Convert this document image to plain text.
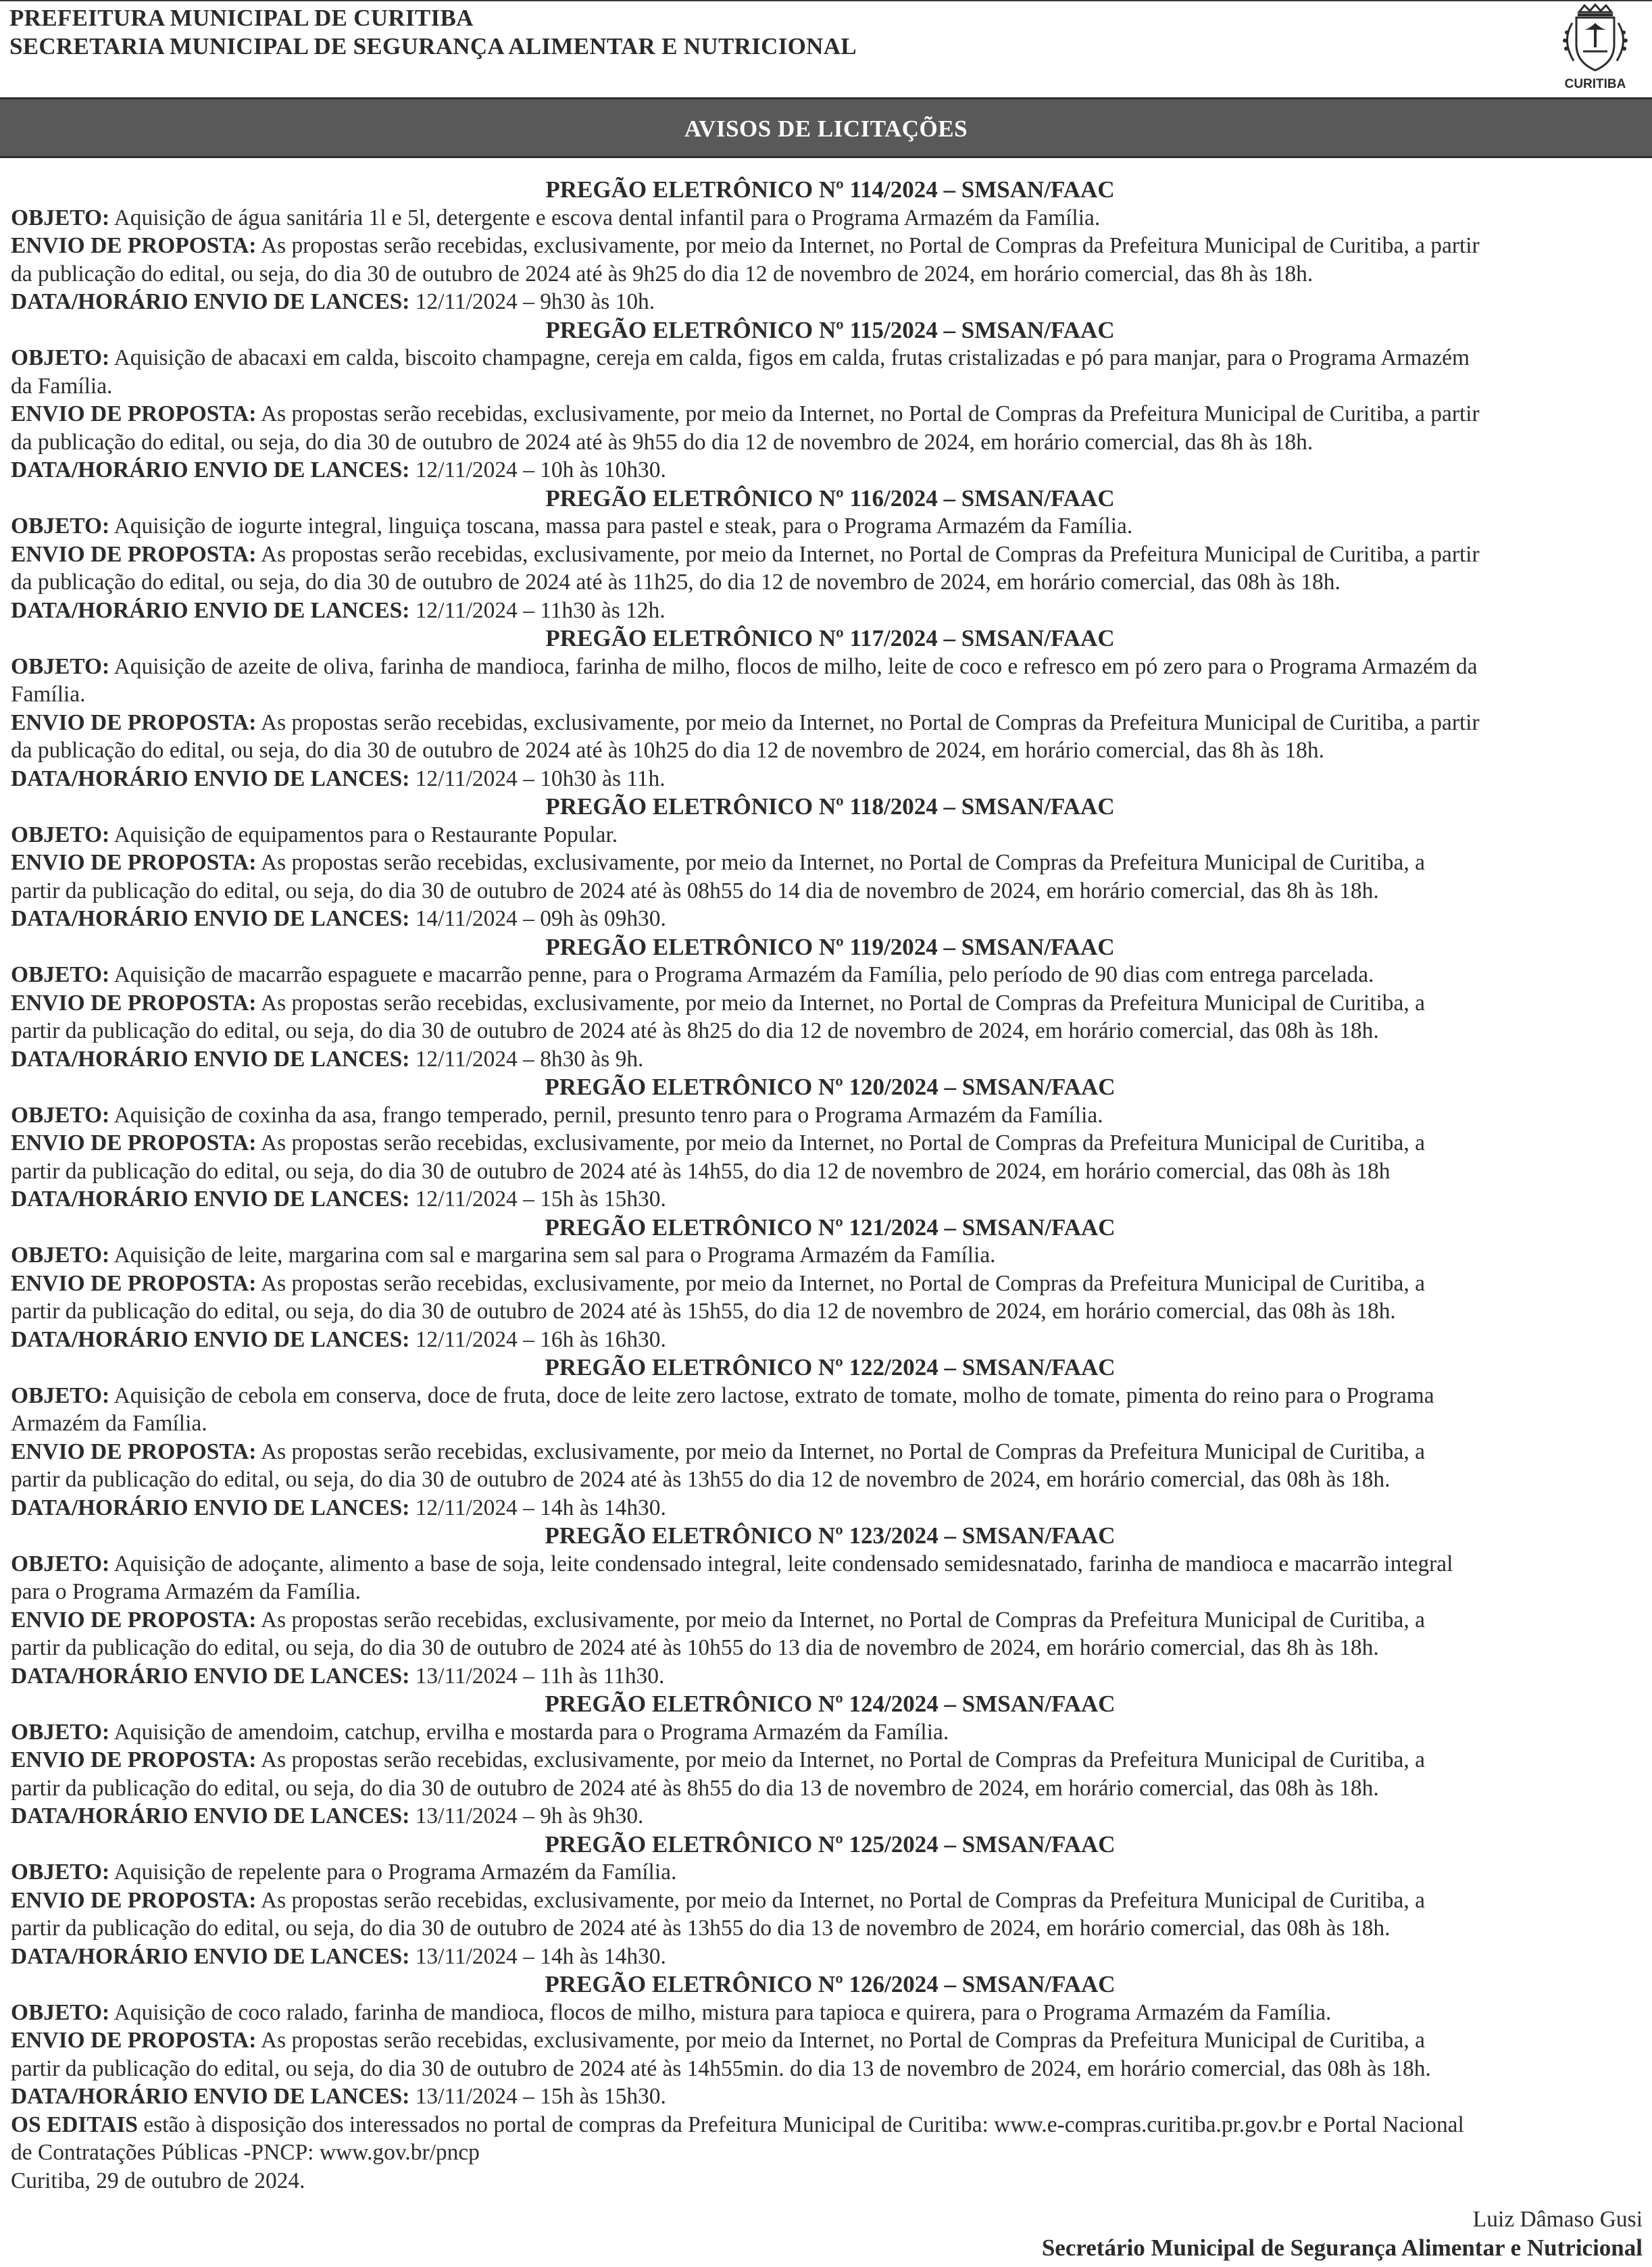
PREFEITURA MUNICIPAL DE CURITIBA
SECRETARIA MUNICIPAL DE SEGURANÇA ALIMENTAR E NUTRICIONAL
CURITIBA
AVISOS DE LICITAÇÕES
PREGÃO ELETRÔNICO Nº 114/2024 – SMSAN/FAAC
OBJETO: Aquisição de água sanitária 1l e 5l, detergente e escova dental infantil para o Programa Armazém da Família.
ENVIO DE PROPOSTA: As propostas serão recebidas, exclusivamente, por meio da Internet, no Portal de Compras da Prefeitura Municipal de Curitiba, a partir
da publicação do edital, ou seja, do dia 30 de outubro de 2024 até às 9h25 do dia 12 de novembro de 2024, em horário comercial, das 8h às 18h.
DATA/HORÁRIO ENVIO DE LANCES: 12/11/2024 – 9h30 às 10h.
PREGÃO ELETRÔNICO Nº 115/2024 – SMSAN/FAAC
OBJETO: Aquisição de abacaxi em calda, biscoito champagne, cereja em calda, figos em calda, frutas cristalizadas e pó para manjar, para o Programa Armazém
da Família.
ENVIO DE PROPOSTA: As propostas serão recebidas, exclusivamente, por meio da Internet, no Portal de Compras da Prefeitura Municipal de Curitiba, a partir
da publicação do edital, ou seja, do dia 30 de outubro de 2024 até às 9h55 do dia 12 de novembro de 2024, em horário comercial, das 8h às 18h.
DATA/HORÁRIO ENVIO DE LANCES: 12/11/2024 – 10h às 10h30.
PREGÃO ELETRÔNICO Nº 116/2024 – SMSAN/FAAC
OBJETO: Aquisição de iogurte integral, linguiça toscana, massa para pastel e steak, para o Programa Armazém da Família.
ENVIO DE PROPOSTA: As propostas serão recebidas, exclusivamente, por meio da Internet, no Portal de Compras da Prefeitura Municipal de Curitiba, a partir
da publicação do edital, ou seja, do dia 30 de outubro de 2024 até às 11h25, do dia 12 de novembro de 2024, em horário comercial, das 08h às 18h.
DATA/HORÁRIO ENVIO DE LANCES: 12/11/2024 – 11h30 às 12h.
PREGÃO ELETRÔNICO Nº 117/2024 – SMSAN/FAAC
OBJETO: Aquisição de azeite de oliva, farinha de mandioca, farinha de milho, flocos de milho, leite de coco e refresco em pó zero para o Programa Armazém da
Família.
ENVIO DE PROPOSTA: As propostas serão recebidas, exclusivamente, por meio da Internet, no Portal de Compras da Prefeitura Municipal de Curitiba, a partir
da publicação do edital, ou seja, do dia 30 de outubro de 2024 até às 10h25 do dia 12 de novembro de 2024, em horário comercial, das 8h às 18h.
DATA/HORÁRIO ENVIO DE LANCES: 12/11/2024 – 10h30 às 11h.
PREGÃO ELETRÔNICO Nº 118/2024 – SMSAN/FAAC
OBJETO: Aquisição de equipamentos para o Restaurante Popular.
ENVIO DE PROPOSTA: As propostas serão recebidas, exclusivamente, por meio da Internet, no Portal de Compras da Prefeitura Municipal de Curitiba, a
partir da publicação do edital, ou seja, do dia 30 de outubro de 2024 até às 08h55 do 14 dia de novembro de 2024, em horário comercial, das 8h às 18h.
DATA/HORÁRIO ENVIO DE LANCES: 14/11/2024 – 09h às 09h30.
PREGÃO ELETRÔNICO Nº 119/2024 – SMSAN/FAAC
OBJETO: Aquisição de macarrão espaguete e macarrão penne, para o Programa Armazém da Família, pelo período de 90 dias com entrega parcelada.
ENVIO DE PROPOSTA: As propostas serão recebidas, exclusivamente, por meio da Internet, no Portal de Compras da Prefeitura Municipal de Curitiba, a
partir da publicação do edital, ou seja, do dia 30 de outubro de 2024 até às 8h25 do dia 12 de novembro de 2024, em horário comercial, das 08h às 18h.
DATA/HORÁRIO ENVIO DE LANCES: 12/11/2024 – 8h30 às 9h.
PREGÃO ELETRÔNICO Nº 120/2024 – SMSAN/FAAC
OBJETO: Aquisição de coxinha da asa, frango temperado, pernil, presunto tenro para o Programa Armazém da Família.
ENVIO DE PROPOSTA: As propostas serão recebidas, exclusivamente, por meio da Internet, no Portal de Compras da Prefeitura Municipal de Curitiba, a
partir da publicação do edital, ou seja, do dia 30 de outubro de 2024 até às 14h55, do dia 12 de novembro de 2024, em horário comercial, das 08h às 18h
DATA/HORÁRIO ENVIO DE LANCES: 12/11/2024 – 15h às 15h30.
PREGÃO ELETRÔNICO Nº 121/2024 – SMSAN/FAAC
OBJETO: Aquisição de leite, margarina com sal e margarina sem sal para o Programa Armazém da Família.
ENVIO DE PROPOSTA: As propostas serão recebidas, exclusivamente, por meio da Internet, no Portal de Compras da Prefeitura Municipal de Curitiba, a
partir da publicação do edital, ou seja, do dia 30 de outubro de 2024 até às 15h55, do dia 12 de novembro de 2024, em horário comercial, das 08h às 18h.
DATA/HORÁRIO ENVIO DE LANCES: 12/11/2024 – 16h às 16h30.
PREGÃO ELETRÔNICO Nº 122/2024 – SMSAN/FAAC
OBJETO: Aquisição de cebola em conserva, doce de fruta, doce de leite zero lactose, extrato de tomate, molho de tomate, pimenta do reino para o Programa
Armazém da Família.
ENVIO DE PROPOSTA: As propostas serão recebidas, exclusivamente, por meio da Internet, no Portal de Compras da Prefeitura Municipal de Curitiba, a
partir da publicação do edital, ou seja, do dia 30 de outubro de 2024 até às 13h55 do dia 12 de novembro de 2024, em horário comercial, das 08h às 18h.
DATA/HORÁRIO ENVIO DE LANCES: 12/11/2024 – 14h às 14h30.
PREGÃO ELETRÔNICO Nº 123/2024 – SMSAN/FAAC
OBJETO: Aquisição de adoçante, alimento a base de soja, leite condensado integral, leite condensado semidesnatado, farinha de mandioca e macarrão integral
para o Programa Armazém da Família.
ENVIO DE PROPOSTA: As propostas serão recebidas, exclusivamente, por meio da Internet, no Portal de Compras da Prefeitura Municipal de Curitiba, a
partir da publicação do edital, ou seja, do dia 30 de outubro de 2024 até às 10h55 do 13 dia de novembro de 2024, em horário comercial, das 8h às 18h.
DATA/HORÁRIO ENVIO DE LANCES: 13/11/2024 – 11h às 11h30.
PREGÃO ELETRÔNICO Nº 124/2024 – SMSAN/FAAC
OBJETO: Aquisição de amendoim, catchup, ervilha e mostarda para o Programa Armazém da Família.
ENVIO DE PROPOSTA: As propostas serão recebidas, exclusivamente, por meio da Internet, no Portal de Compras da Prefeitura Municipal de Curitiba, a
partir da publicação do edital, ou seja, do dia 30 de outubro de 2024 até às 8h55 do dia 13 de novembro de 2024, em horário comercial, das 08h às 18h.
DATA/HORÁRIO ENVIO DE LANCES: 13/11/2024 – 9h às 9h30.
PREGÃO ELETRÔNICO Nº 125/2024 – SMSAN/FAAC
OBJETO: Aquisição de repelente para o Programa Armazém da Família.
ENVIO DE PROPOSTA: As propostas serão recebidas, exclusivamente, por meio da Internet, no Portal de Compras da Prefeitura Municipal de Curitiba, a
partir da publicação do edital, ou seja, do dia 30 de outubro de 2024 até às 13h55 do dia 13 de novembro de 2024, em horário comercial, das 08h às 18h.
DATA/HORÁRIO ENVIO DE LANCES: 13/11/2024 – 14h às 14h30.
PREGÃO ELETRÔNICO Nº 126/2024 – SMSAN/FAAC
OBJETO: Aquisição de coco ralado, farinha de mandioca, flocos de milho, mistura para tapioca e quirera, para o Programa Armazém da Família.
ENVIO DE PROPOSTA: As propostas serão recebidas, exclusivamente, por meio da Internet, no Portal de Compras da Prefeitura Municipal de Curitiba, a
partir da publicação do edital, ou seja, do dia 30 de outubro de 2024 até às 14h55min. do dia 13 de novembro de 2024, em horário comercial, das 08h às 18h.
DATA/HORÁRIO ENVIO DE LANCES: 13/11/2024 – 15h às 15h30.
OS EDITAIS estão à disposição dos interessados no portal de compras da Prefeitura Municipal de Curitiba: www.e-compras.curitiba.pr.gov.br e Portal Nacional
de Contratações Públicas -PNCP: www.gov.br/pncp
Curitiba, 29 de outubro de 2024.
Luiz Dâmaso Gusi
Secretário Municipal de Segurança Alimentar e Nutricional
